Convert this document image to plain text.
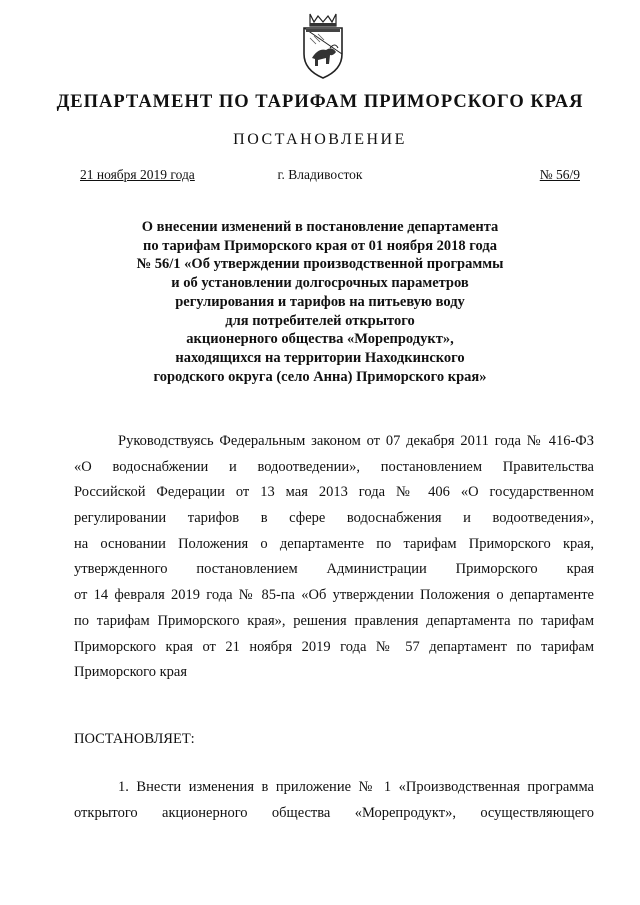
ДЕПАРТАМЕНТ ПО ТАРИФАМ ПРИМОРСКОГО КРАЯ
ПОСТАНОВЛЕНИЕ
21 ноября 2019 года	г. Владивосток	№ 56/9
О внесении изменений в постановление департамента
по тарифам Приморского края от 01 ноября 2018 года
№ 56/1 «Об утверждении производственной программы
и об установлении долгосрочных параметров
регулирования и тарифов на питьевую воду
для потребителей открытого
акционерного общества «Морепродукт»,
находящихся на территории Находкинского
городского округа (село Анна) Приморского края»
Руководствуясь Федеральным законом от 07 декабря 2011 года № 416-ФЗ
«О водоснабжении и водоотведении», постановлением Правительства
Российской Федерации от 13 мая 2013 года № 406 «О государственном
регулировании тарифов в сфере водоснабжения и водоотведения»,
на основании Положения о департаменте по тарифам Приморского края,
утвержденного постановлением Администрации Приморского края
от 14 февраля 2019 года № 85-па «Об утверждении Положения о департаменте
по тарифам Приморского края», решения правления департамента по тарифам
Приморского края от 21 ноября 2019 года № 57 департамент по тарифам
Приморского края
ПОСТАНОВЛЯЕТ:
1. Внести изменения в приложение № 1 «Производственная программа
открытого акционерного общества «Морепродукт», осуществляющего
